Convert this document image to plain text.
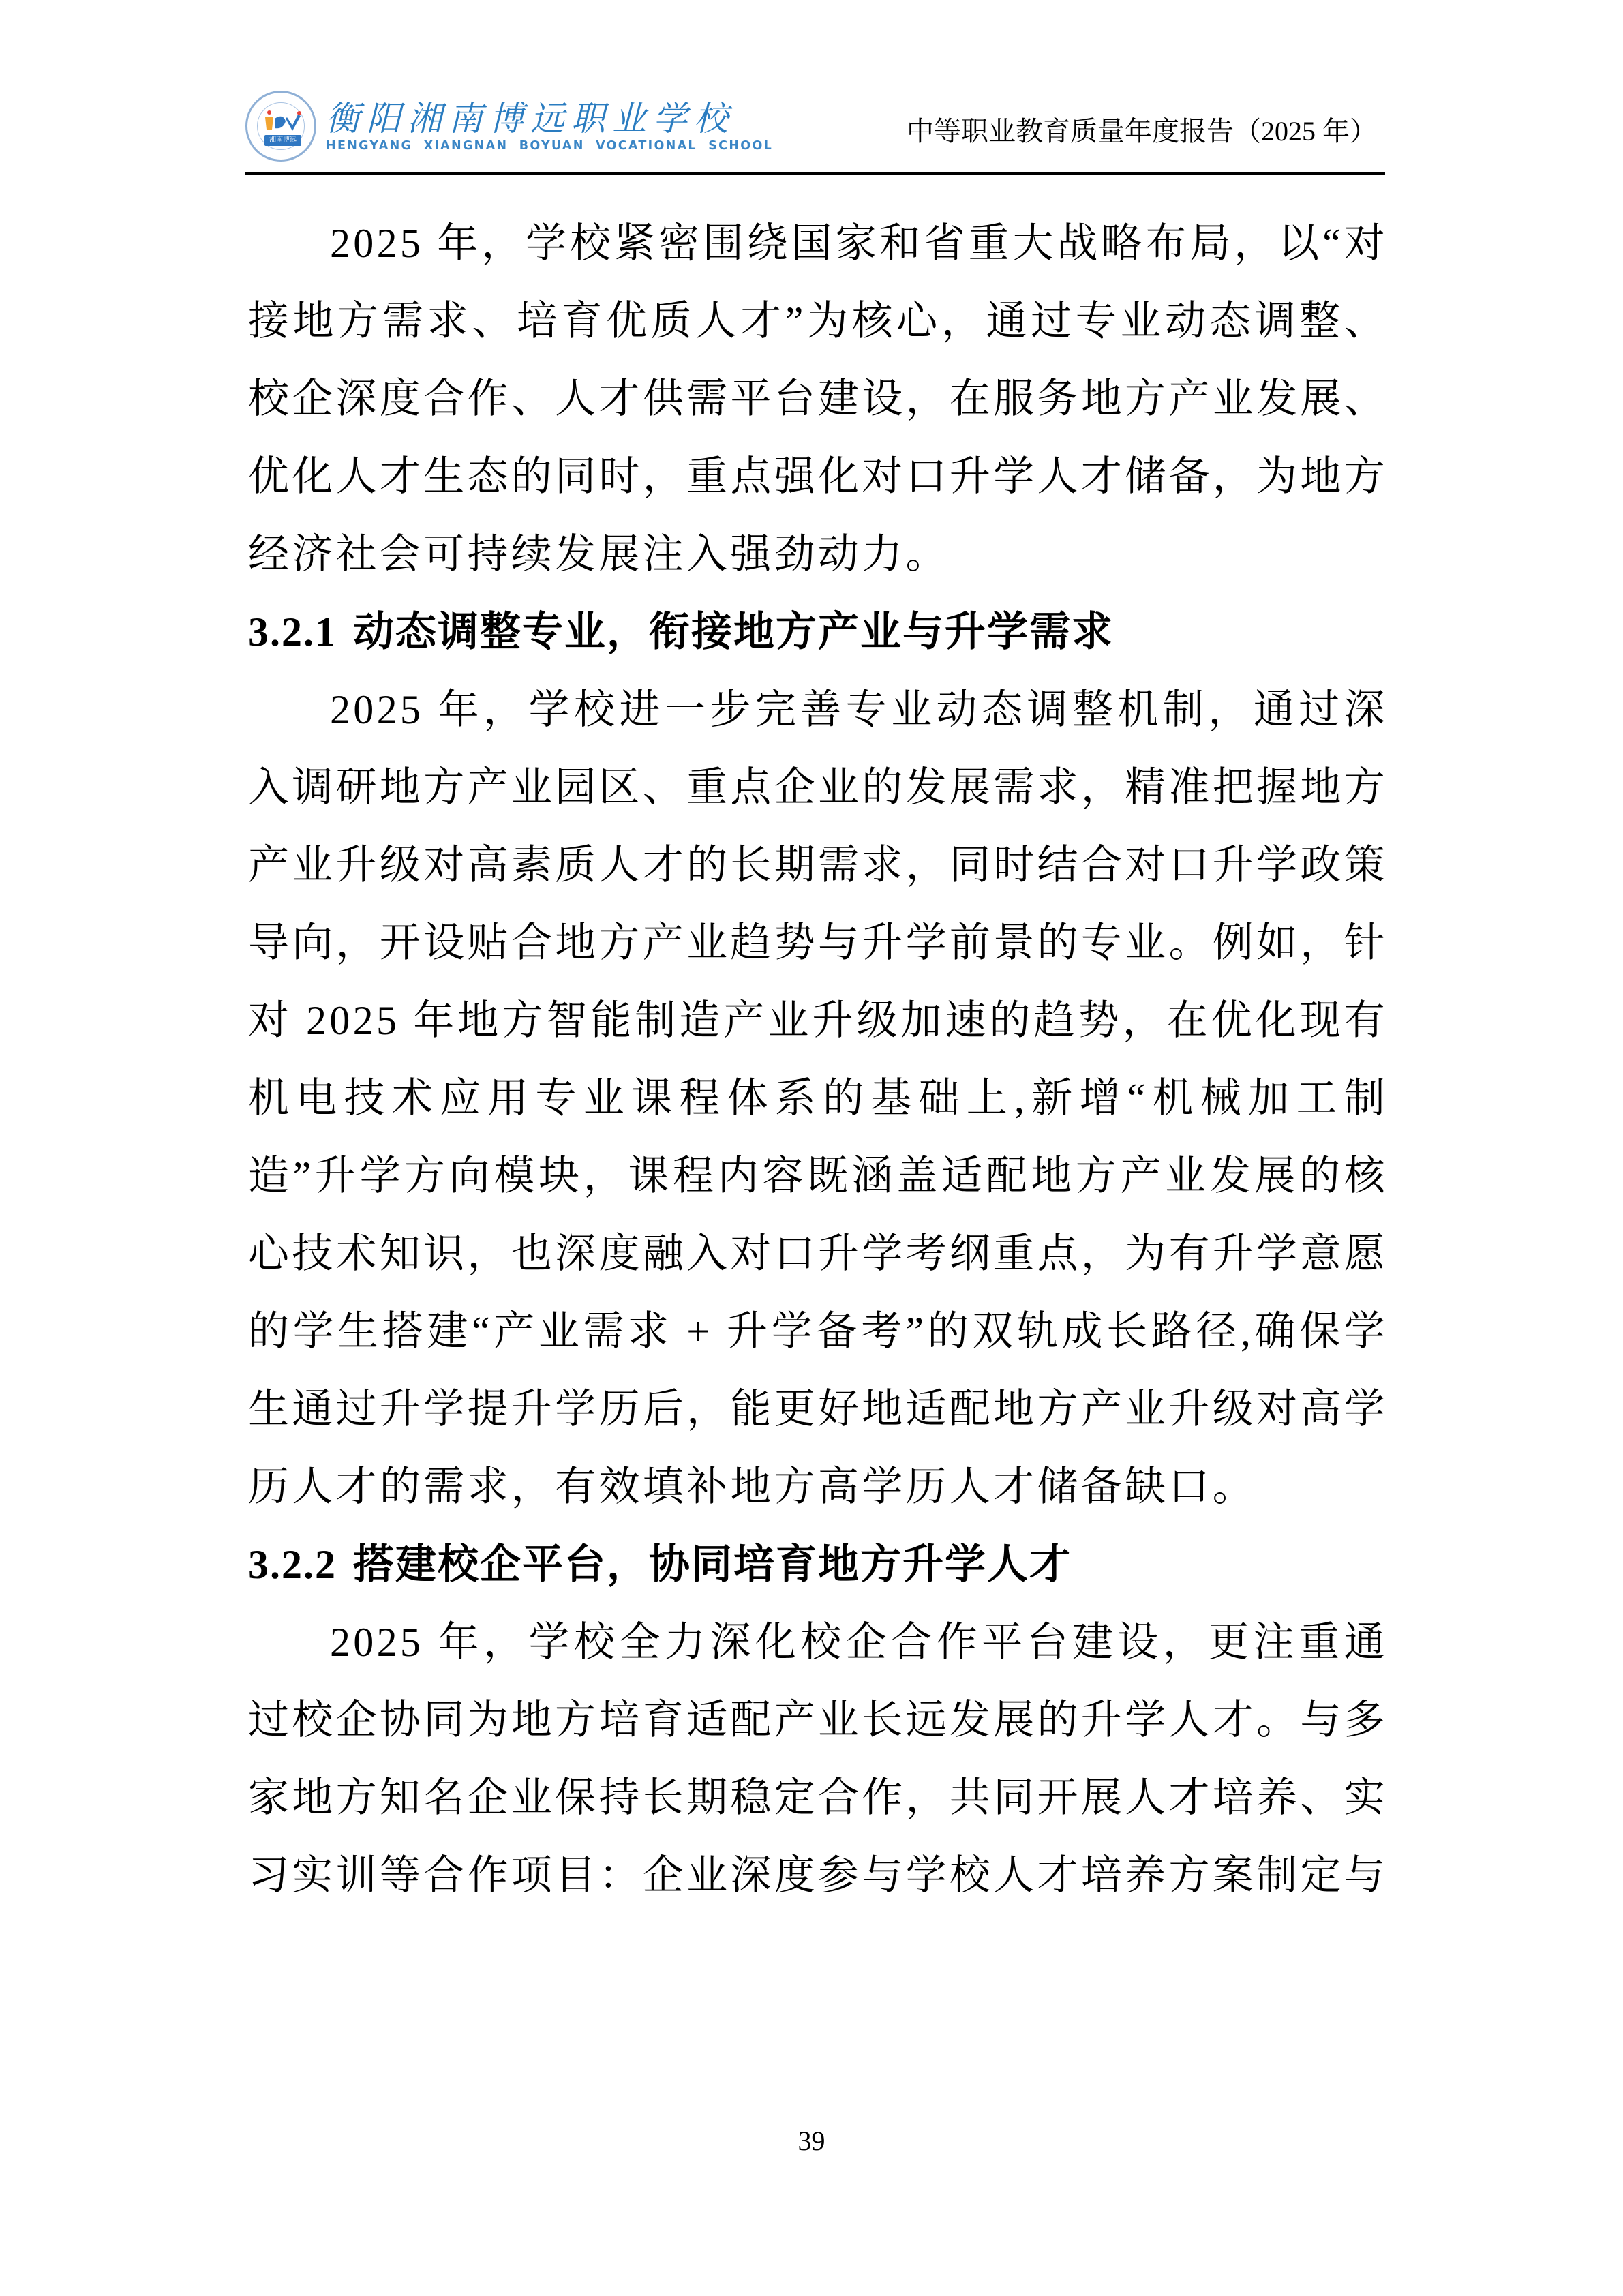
湘南博远
衡阳湘南博远职业学校
HENGYANG XIANGNAN BOYUAN VOCATIONAL SCHOOL	中等职业教育质量年度报告（2025 年）

2025 年，学校紧密围绕国家和省重大战略布局，以“对接地方需求、培育优质人才”为核心，通过专业动态调整、校企深度合作、人才供需平台建设，在服务地方产业发展、优化人才生态的同时，重点强化对口升学人才储备，为地方经济社会可持续发展注入强劲动力。

3.2.1 动态调整专业，衔接地方产业与升学需求

2025 年，学校进一步完善专业动态调整机制，通过深入调研地方产业园区、重点企业的发展需求，精准把握地方产业升级对高素质人才的长期需求，同时结合对口升学政策导向，开设贴合地方产业趋势与升学前景的专业。例如，针对 2025 年地方智能制造产业升级加速的趋势，在优化现有机电技术应用专业课程体系的基础上,新增“机械加工制造”升学方向模块，课程内容既涵盖适配地方产业发展的核心技术知识，也深度融入对口升学考纲重点，为有升学意愿的学生搭建“产业需求 + 升学备考”的双轨成长路径,确保学生通过升学提升学历后，能更好地适配地方产业升级对高学历人才的需求，有效填补地方高学历人才储备缺口。

3.2.2 搭建校企平台，协同培育地方升学人才

2025 年，学校全力深化校企合作平台建设，更注重通过校企协同为地方培育适配产业长远发展的升学人才。与多家地方知名企业保持长期稳定合作，共同开展人才培养、实习实训等合作项目：企业深度参与学校人才培养方案制定与

39
